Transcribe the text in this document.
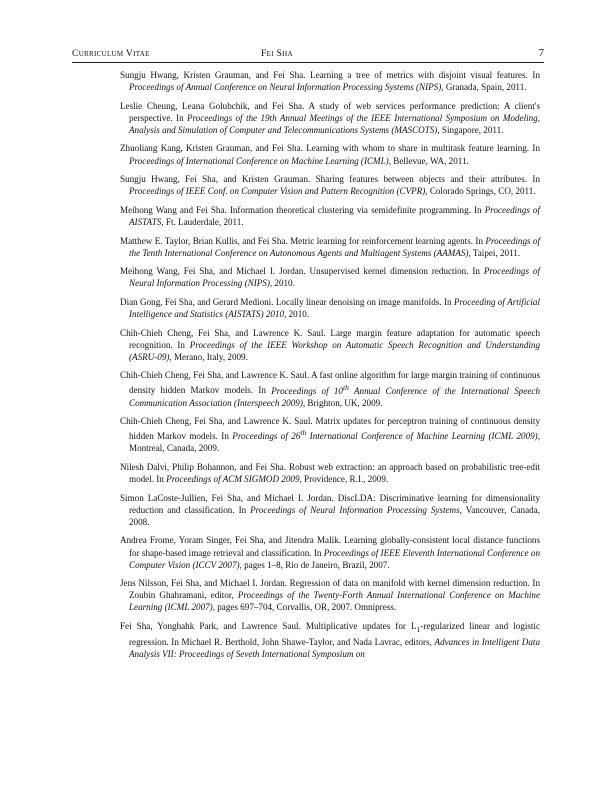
Curriculum Vitae	Fei Sha	7

Sungju Hwang, Kristen Grauman, and Fei Sha. Learning a tree of metrics with disjoint visual features. In Proceedings of Annual Conference on Neural Information Processing Systems (NIPS), Granada, Spain, 2011.

Leslie Cheung, Leana Golubchik, and Fei Sha. A study of web services performance prediction: A client's perspective. In Proceedings of the 19th Annual Meetings of the IEEE International Symposium on Modeling, Analysis and Simulation of Computer and Telecommunications Systems (MASCOTS), Singapore, 2011.

Zhuoliang Kang, Kristen Grauman, and Fei Sha. Learning with whom to share in multitask feature learning. In Proceedings of International Conference on Machine Learning (ICML), Bellevue, WA, 2011.

Sungju Hwang, Fei Sha, and Kristen Grauman. Sharing features between objects and their attributes. In Proceedings of IEEE Conf. on Computer Vision and Pattern Recognition (CVPR), Colorado Springs, CO, 2011.

Meihong Wang and Fei Sha. Information theoretical clustering via semidefinite programming. In Proceedings of AISTATS, Ft. Lauderdale, 2011.

Matthew E. Taylor, Brian Kullis, and Fei Sha. Metric learning for reinforcement learning agents. In Proceedings of the Tenth International Conference on Autonomous Agents and Multiagent Systems (AAMAS), Taipei, 2011.

Meihong Wang, Fei Sha, and Michael I. Jordan. Unsupervised kernel dimension reduction. In Proceedings of Neural Information Processing (NIPS), 2010.

Dian Gong, Fei Sha, and Gerard Medioni. Locally linear denoising on image manifolds. In Proceeding of Artificial Intelligence and Statistics (AISTATS) 2010, 2010.

Chih-Chieh Cheng, Fei Sha, and Lawrence K. Saul. Large margin feature adaptation for automatic speech recognition. In Proceedings of the IEEE Workshop on Automatic Speech Recognition and Understanding (ASRU-09), Merano, Italy, 2009.

Chih-Chieh Cheng, Fei Sha, and Lawrence K. Saul. A fast online algorithm for large margin training of continuous density hidden Markov models. In Proceedings of 10th Annual Conference of the International Speech Communication Association (Interspeech 2009), Brighton, UK, 2009.

Chih-Chieh Cheng, Fei Sha, and Lawrence K. Saul. Matrix updates for perceptron training of continuous density hidden Markov models. In Proceedings of 26th International Conference of Machine Learning (ICML 2009), Montreal, Canada, 2009.

Nilesh Dalvi, Philip Bohannon, and Fei Sha. Robust web extraction: an approach based on probabilistic tree-edit model. In Proceedings of ACM SIGMOD 2009, Providence, R.I., 2009.

Simon LaCoste-Jullien, Fei Sha, and Michael I. Jordan. DiscLDA: Discriminative learning for dimensionality reduction and classification. In Proceedings of Neural Information Processing Systems, Vancouver, Canada, 2008.

Andrea Frome, Yoram Singer, Fei Sha, and Jitendra Malik. Learning globally-consistent local distance functions for shape-based image retrieval and classification. In Proceedings of IEEE Eleventh International Conference on Computer Vision (ICCV 2007), pages 1–8, Rio de Janeiro, Brazil, 2007.

Jens Nilsson, Fei Sha, and Michael I. Jordan. Regression of data on manifold with kernel dimension reduction. In Zoubin Ghahramani, editor, Proceedings of the Twenty-Forth Annual International Conference on Machine Learning (ICML 2007), pages 697–704, Corvallis, OR, 2007. Omnipress.

Fei Sha, Yonghahk Park, and Lawrence Saul. Multiplicative updates for $L_1$-regularized linear and logistic regression. In Michael R. Berthold, John Shawe-Taylor, and Nada Lavrac, editors, Advances in Intelligent Data Analysis VII: Proceedings of Seveth International Symposium on
